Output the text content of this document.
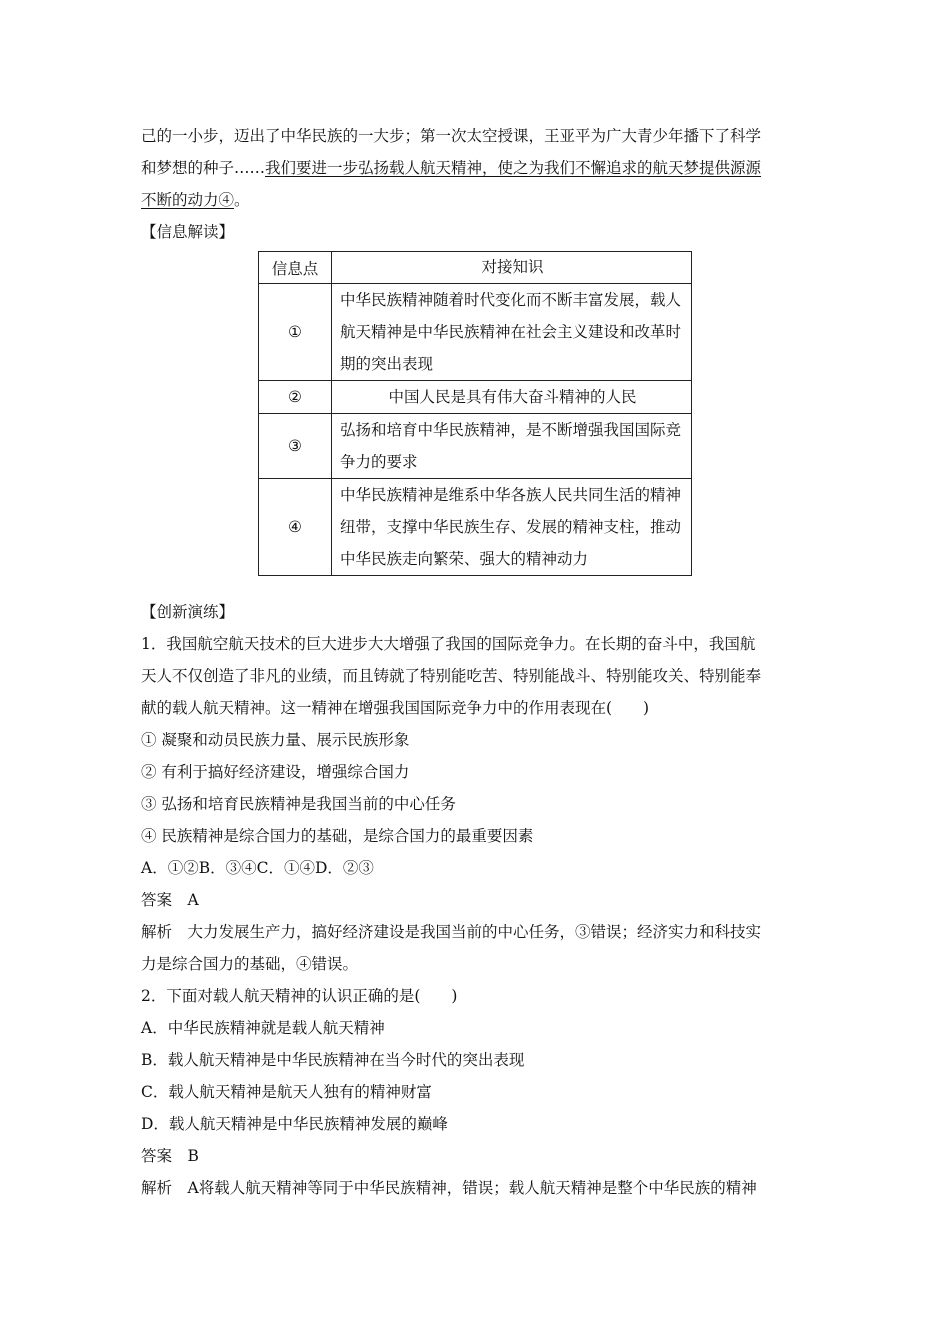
己的一小步，迈出了中华民族的一大步；第一次太空授课，王亚平为广大青少年播下了科学
和梦想的种子……我们要进一步弘扬载人航天精神，使之为我们不懈追求的航天梦提供源源
不断的动力④。
【信息解读】
信息点	对接知识
①	中华民族精神随着时代变化而不断丰富发展，载人航天精神是中华民族精神在社会主义建设和改革时期的突出表现
②	中国人民是具有伟大奋斗精神的人民
③	弘扬和培育中华民族精神，是不断增强我国国际竞争力的要求
④	中华民族精神是维系中华各族人民共同生活的精神纽带，支撑中华民族生存、发展的精神支柱，推动中华民族走向繁荣、强大的精神动力
【创新演练】
1．我国航空航天技术的巨大进步大大增强了我国的国际竞争力。在长期的奋斗中，我国航
天人不仅创造了非凡的业绩，而且铸就了特别能吃苦、特别能战斗、特别能攻关、特别能奉
献的载人航天精神。这一精神在增强我国国际竞争力中的作用表现在(　　)
① 凝聚和动员民族力量、展示民族形象
② 有利于搞好经济建设，增强综合国力
③ 弘扬和培育民族精神是我国当前的中心任务
④ 民族精神是综合国力的基础，是综合国力的最重要因素
A．①②B．③④C．①④D．②③
答案　A
解析　大力发展生产力，搞好经济建设是我国当前的中心任务，③错误；经济实力和科技实
力是综合国力的基础，④错误。
2．下面对载人航天精神的认识正确的是(　　)
A．中华民族精神就是载人航天精神
B．载人航天精神是中华民族精神在当今时代的突出表现
C．载人航天精神是航天人独有的精神财富
D．载人航天精神是中华民族精神发展的巅峰
答案　B
解析　A将载人航天精神等同于中华民族精神，错误；载人航天精神是整个中华民族的精神
